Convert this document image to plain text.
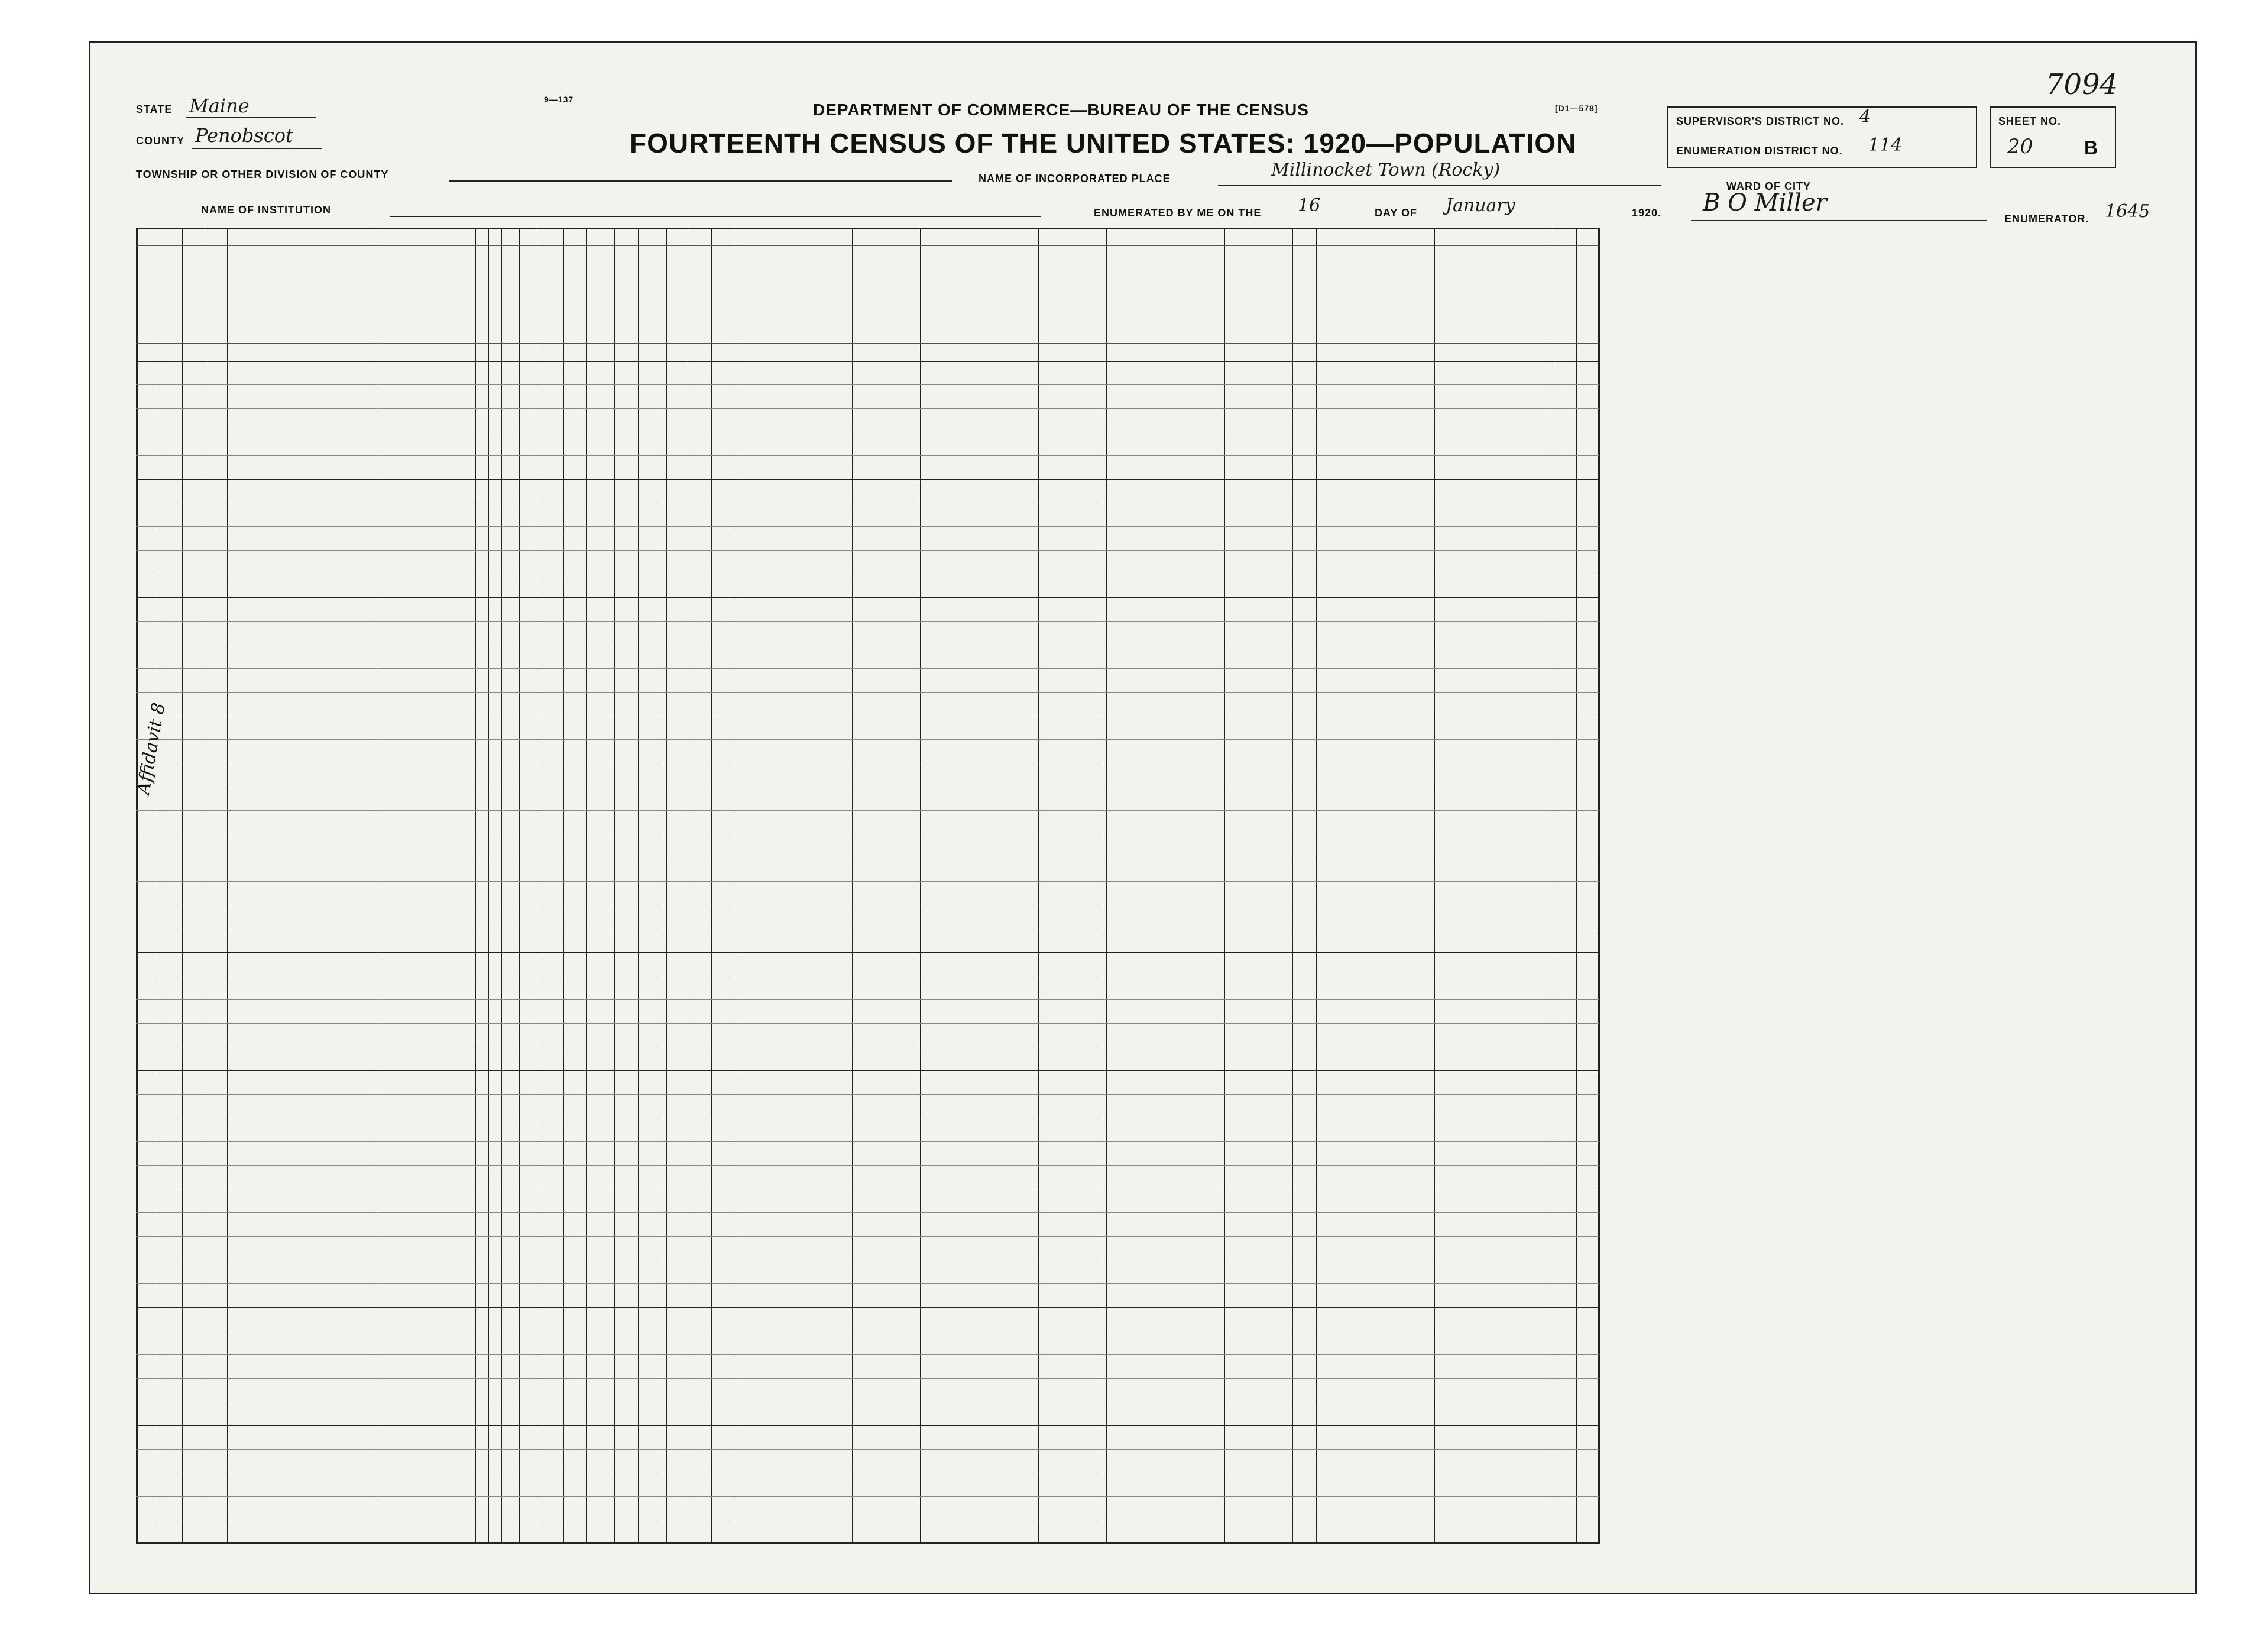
STATE Maine
COUNTY Penobscot
9—137
DEPARTMENT OF COMMERCE—BUREAU OF THE CENSUS	[D1—578]
FOURTEENTH CENSUS OF THE UNITED STATES: 1920—POPULATION
SUPERVISOR'S DISTRICT NO. 4
ENUMERATION DISTRICT NO. 114
SHEET NO.
20	B
7094
TOWNSHIP OR OTHER DIVISION OF COUNTY	NAME OF INCORPORATED PLACE	Millinocket Town (Rocky)
WARD OF CITY
NAME OF INSTITUTION	ENUMERATED BY ME ON THE 16	DAY OF January	1920. B O Miller
ENUMERATOR. 1645
Affidavit 8
